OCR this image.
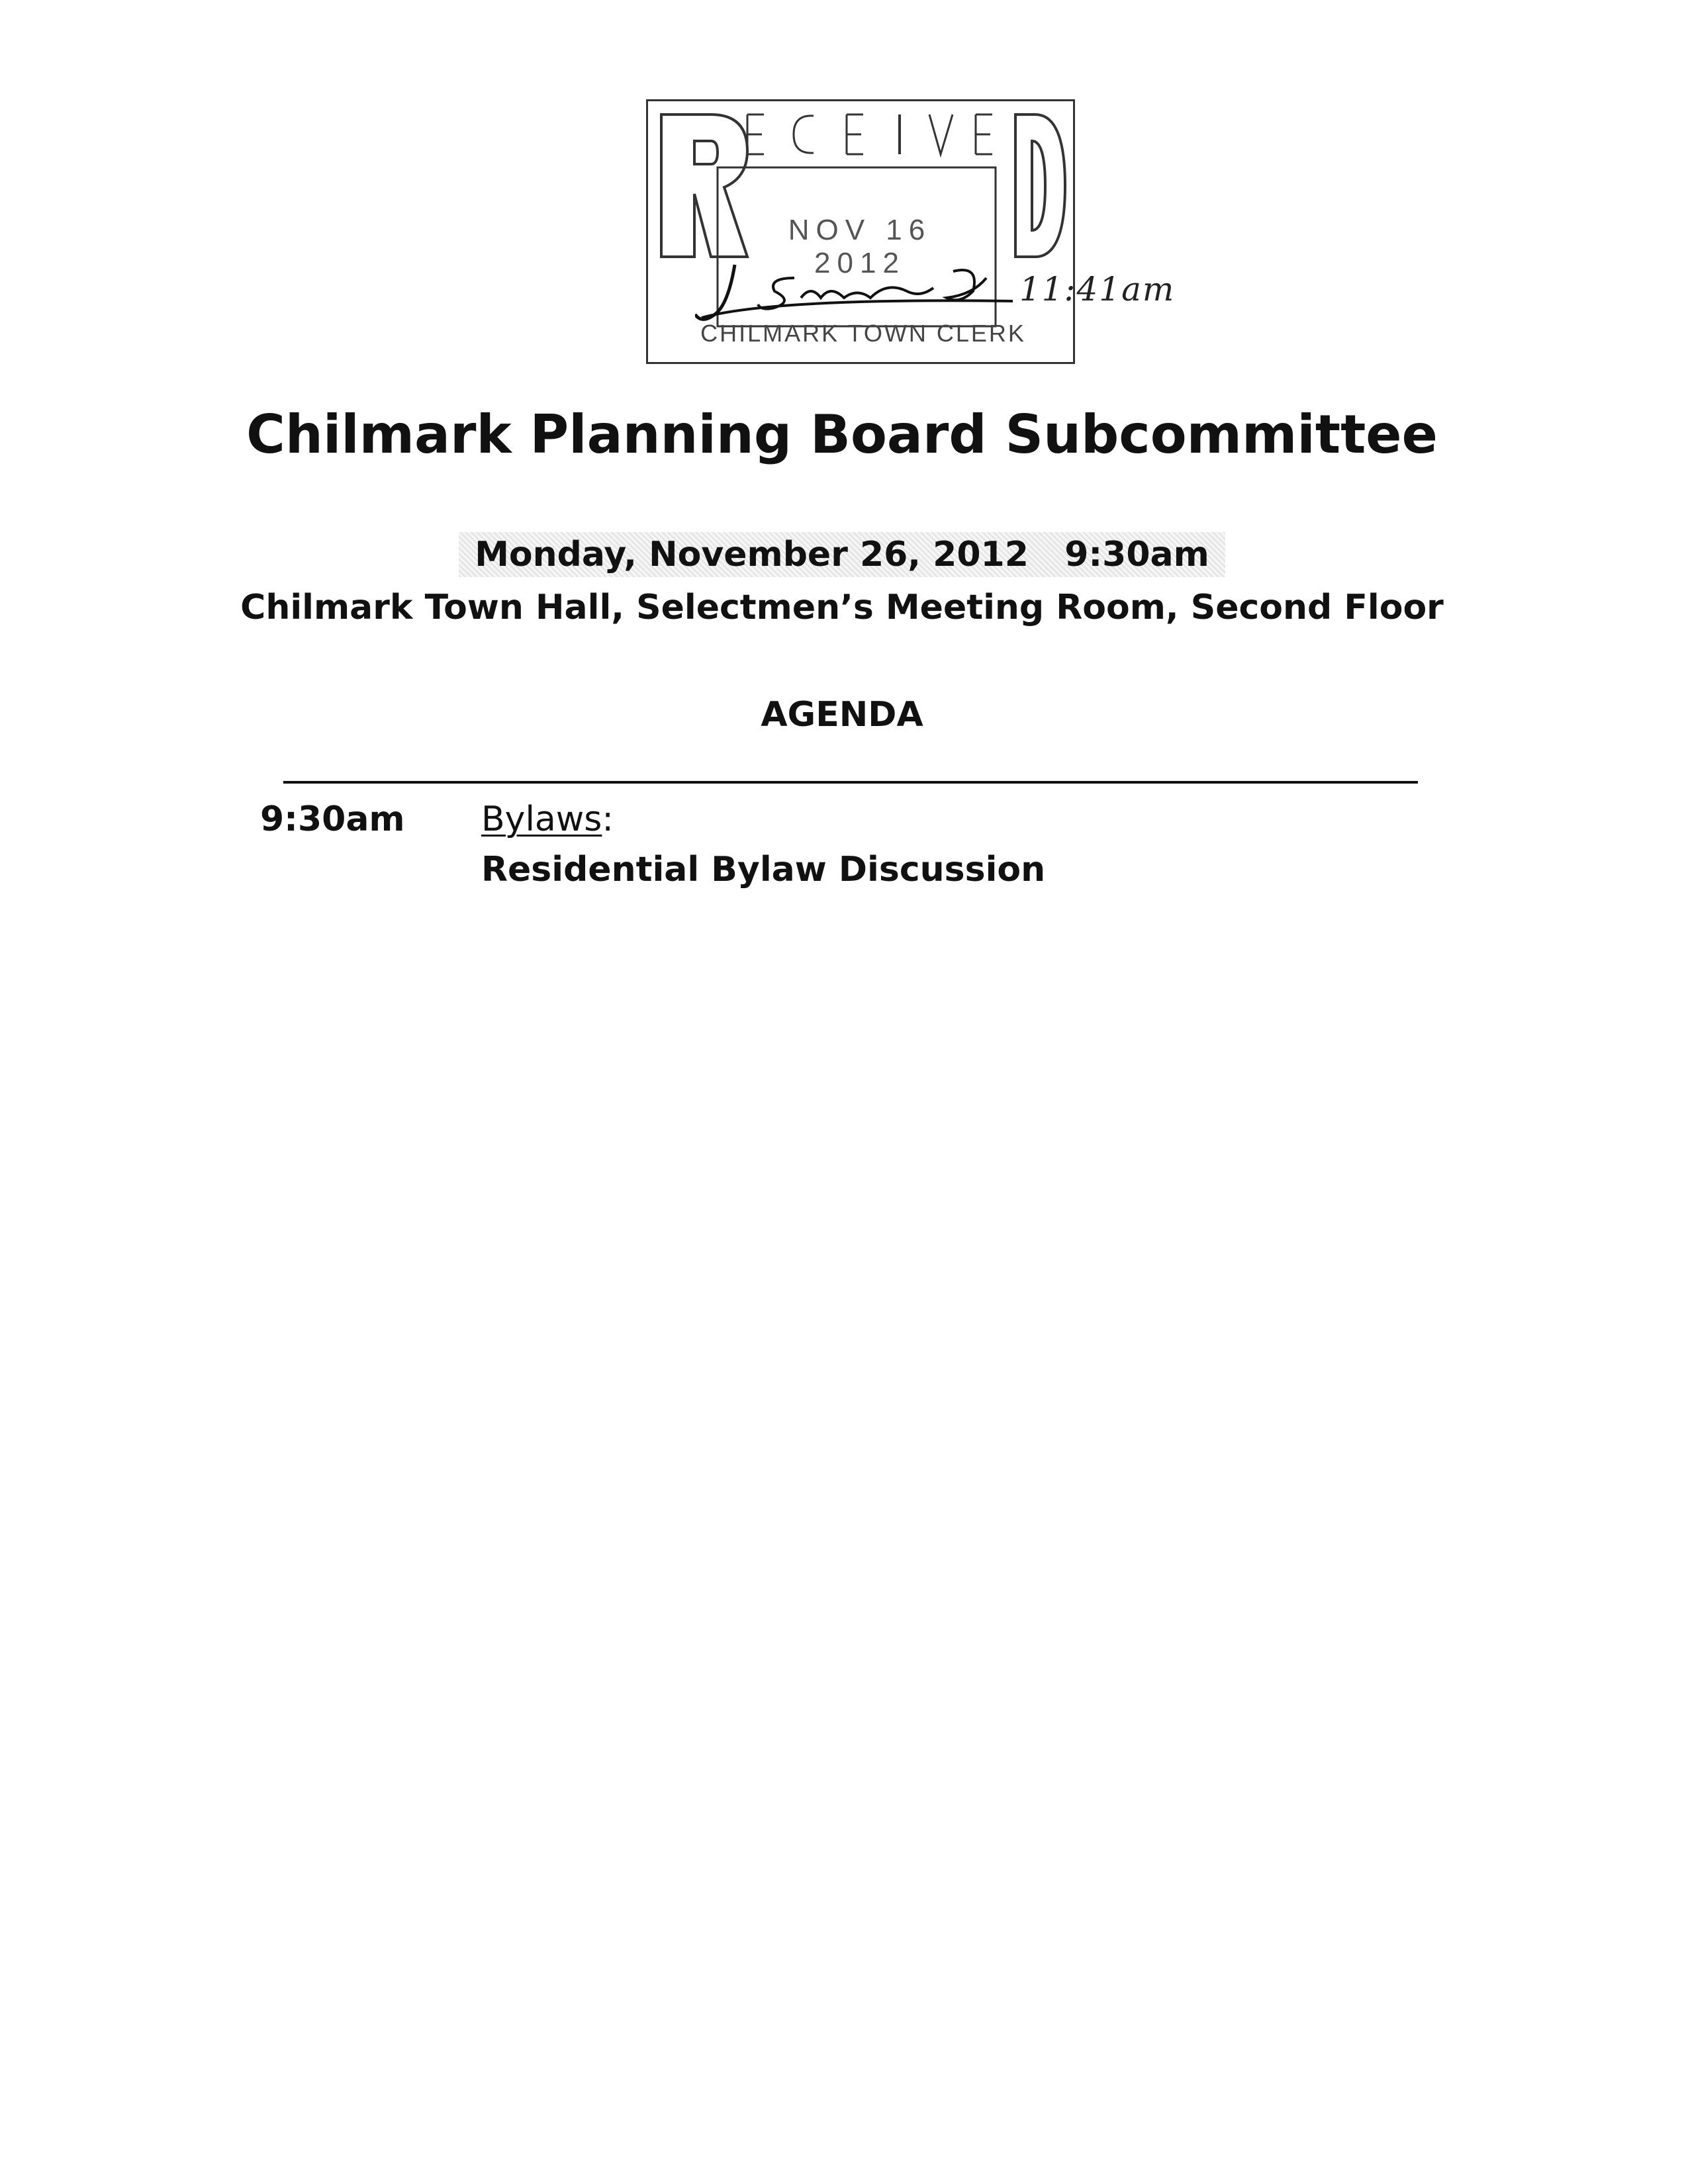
NOV 16 2012
CHILMARK TOWN CLERK
11:41am
Chilmark Planning Board Subcommittee
Monday, November 26, 2012   9:30am
Chilmark Town Hall, Selectmen’s Meeting Room, Second Floor
AGENDA
9:30am Bylaws:
Residential Bylaw Discussion
